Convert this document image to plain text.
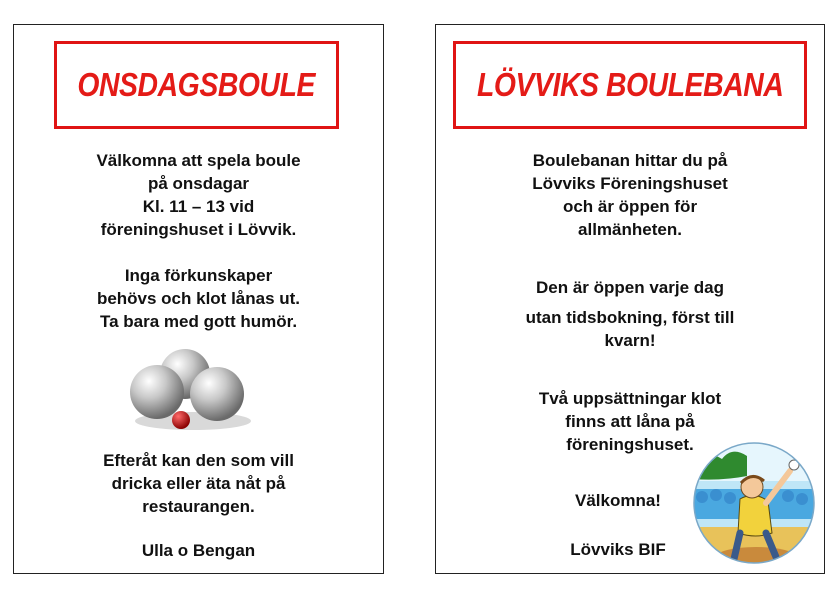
ONSDAGSBOULE
Välkomna att spela boule
på onsdagar
Kl. 11 – 13 vid
föreningshuset i Lövvik.
Inga förkunskaper
behövs och klot lånas ut.
Ta bara med gott humör.
Efteråt kan den som vill
dricka eller äta nåt på
restaurangen.
Ulla o Bengan
LÖVVIKS BOULEBANA
Boulebanan hittar du på
Lövviks Föreningshuset
och är öppen för
allmänheten.
Den är öppen varje dag
utan tidsbokning, först till
kvarn!
Två uppsättningar klot
finns att låna på
föreningshuset.
Välkomna!
Lövviks BIF
